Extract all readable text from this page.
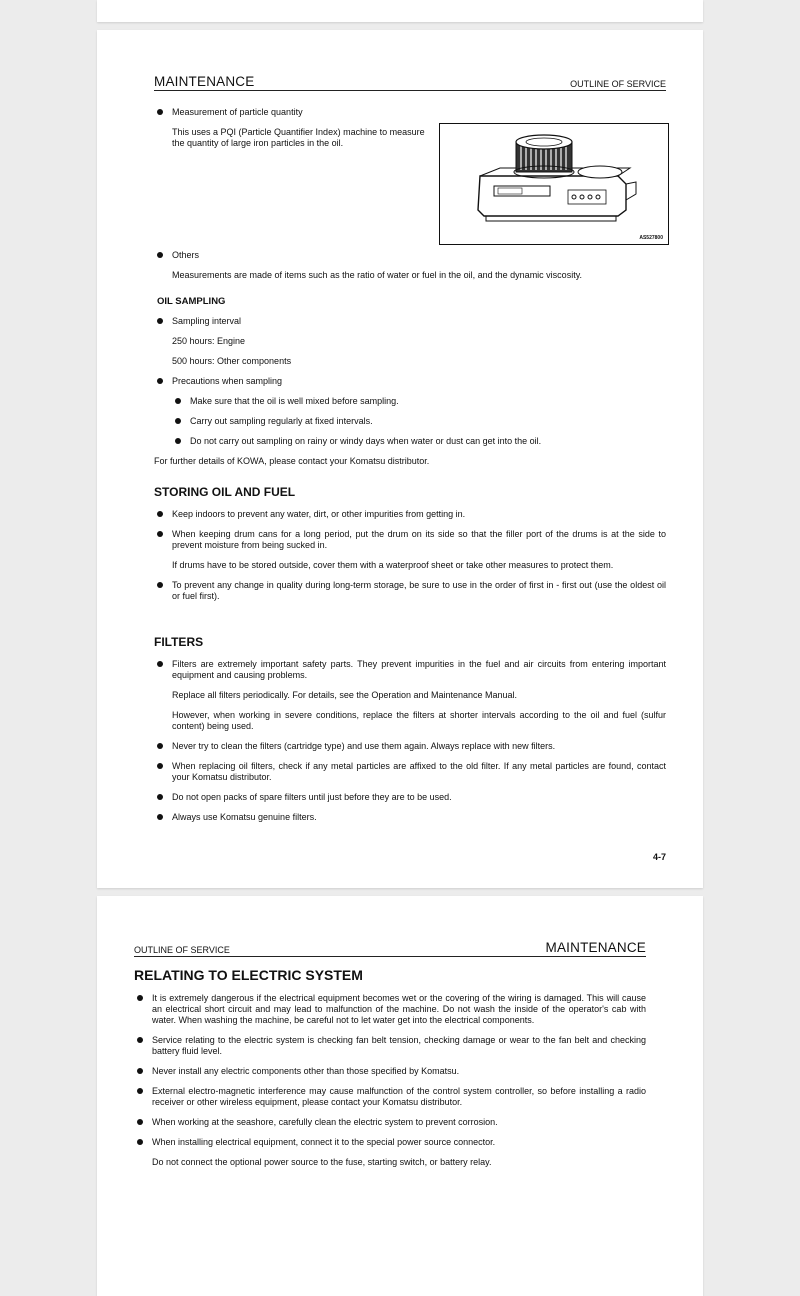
MAINTENANCE	OUTLINE OF SERVICE
Measurement of particle quantity
This uses a PQI (Particle Quantifier Index) machine to measure the quantity of large iron particles in the oil.
AS527800
Others
Measurements are made of items such as the ratio of water or fuel in the oil, and the dynamic viscosity.
OIL SAMPLING
Sampling interval
250 hours: Engine
500 hours: Other components
Precautions when sampling
Make sure that the oil is well mixed before sampling.
Carry out sampling regularly at fixed intervals.
Do not carry out sampling on rainy or windy days when water or dust can get into the oil.
For further details of KOWA, please contact your Komatsu distributor.
STORING OIL AND FUEL
Keep indoors to prevent any water, dirt, or other impurities from getting in.
When keeping drum cans for a long period, put the drum on its side so that the filler port of the drums is at the side to prevent moisture from being sucked in.
If drums have to be stored outside, cover them with a waterproof sheet or take other measures to protect them.
To prevent any change in quality during long-term storage, be sure to use in the order of first in - first out (use the oldest oil or fuel first).
FILTERS
Filters are extremely important safety parts. They prevent impurities in the fuel and air circuits from entering important equipment and causing problems.
Replace all filters periodically. For details, see the Operation and Maintenance Manual.
However, when working in severe conditions, replace the filters at shorter intervals according to the oil and fuel (sulfur content) being used.
Never try to clean the filters (cartridge type) and use them again. Always replace with new filters.
When replacing oil filters, check if any metal particles are affixed to the old filter. If any metal particles are found, contact your Komatsu distributor.
Do not open packs of spare filters until just before they are to be used.
Always use Komatsu genuine filters.
4-7
OUTLINE OF SERVICE	MAINTENANCE
RELATING TO ELECTRIC SYSTEM
It is extremely dangerous if the electrical equipment becomes wet or the covering of the wiring is damaged. This will cause an electrical short circuit and may lead to malfunction of the machine. Do not wash the inside of the operator's cab with water. When washing the machine, be careful not to let water get into the electrical components.
Service relating to the electric system is checking fan belt tension, checking damage or wear to the fan belt and checking battery fluid level.
Never install any electric components other than those specified by Komatsu.
External electro-magnetic interference may cause malfunction of the control system controller, so before installing a radio receiver or other wireless equipment, please contact your Komatsu distributor.
When working at the seashore, carefully clean the electric system to prevent corrosion.
When installing electrical equipment, connect it to the special power source connector.
Do not connect the optional power source to the fuse, starting switch, or battery relay.
